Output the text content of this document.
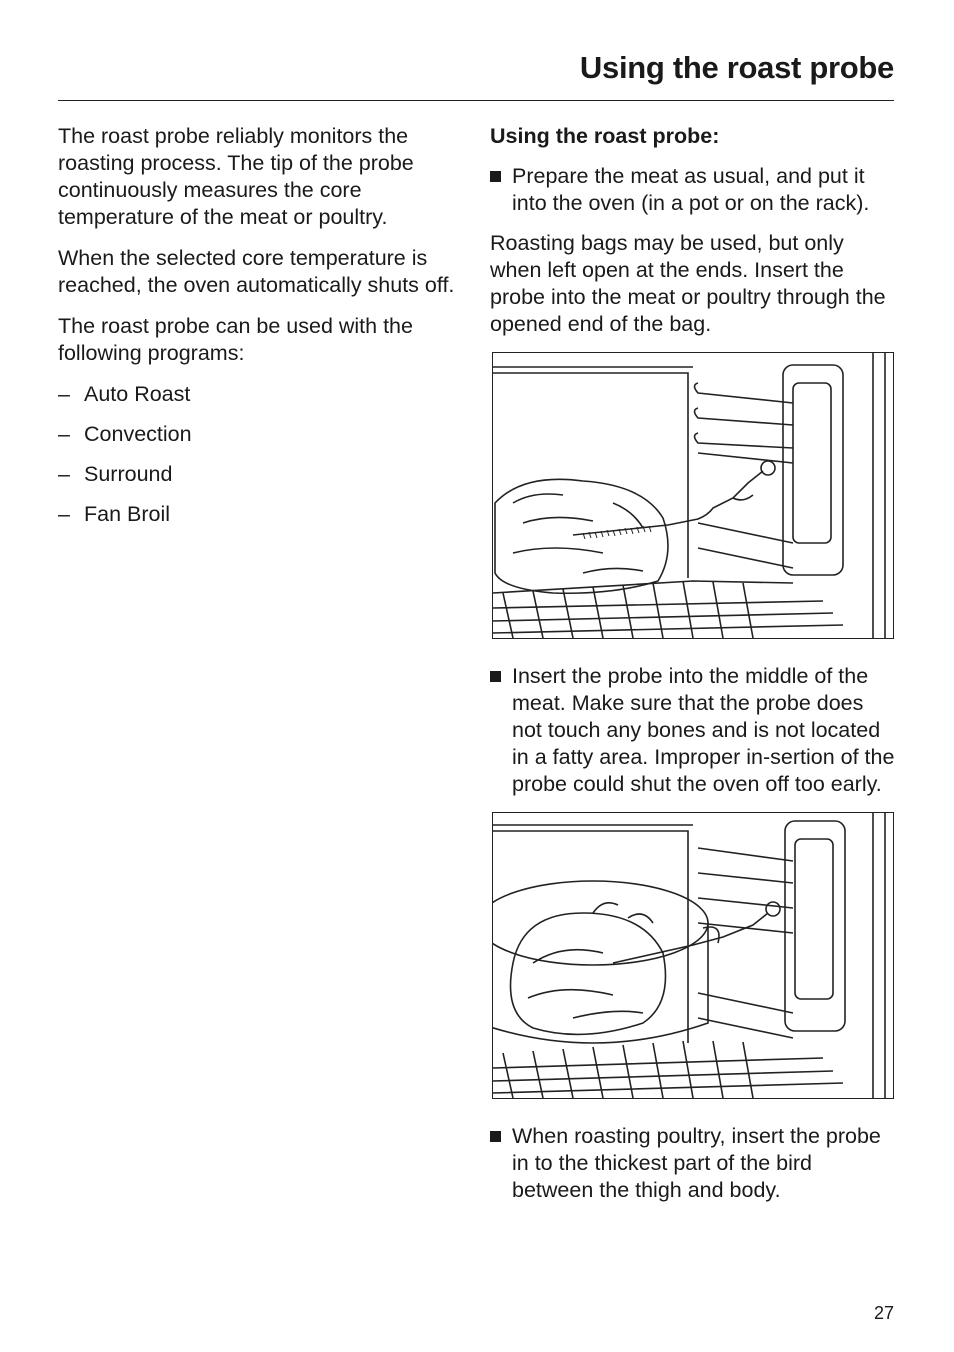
Using the roast probe

The roast probe reliably monitors the roasting process. The tip of the probe continuously measures the core temperature of the meat or poultry.

When the selected core temperature is reached, the oven automatically shuts off.

The roast probe can be used with the following programs:

– Auto Roast
– Convection
– Surround
– Fan Broil
Using the roast probe:
Prepare the meat as usual, and put it into the oven (in a pot or on the rack).

Roasting bags may be used, but only when left open at the ends. Insert the probe into the meat or poultry through the opened end of the bag.

Insert the probe into the middle of the meat. Make sure that the probe does not touch any bones and is not located in a fatty area. Improper in-sertion of the probe could shut the oven off too early.
When roasting poultry, insert the probe in to the thickest part of the bird between the thigh and body.
27
